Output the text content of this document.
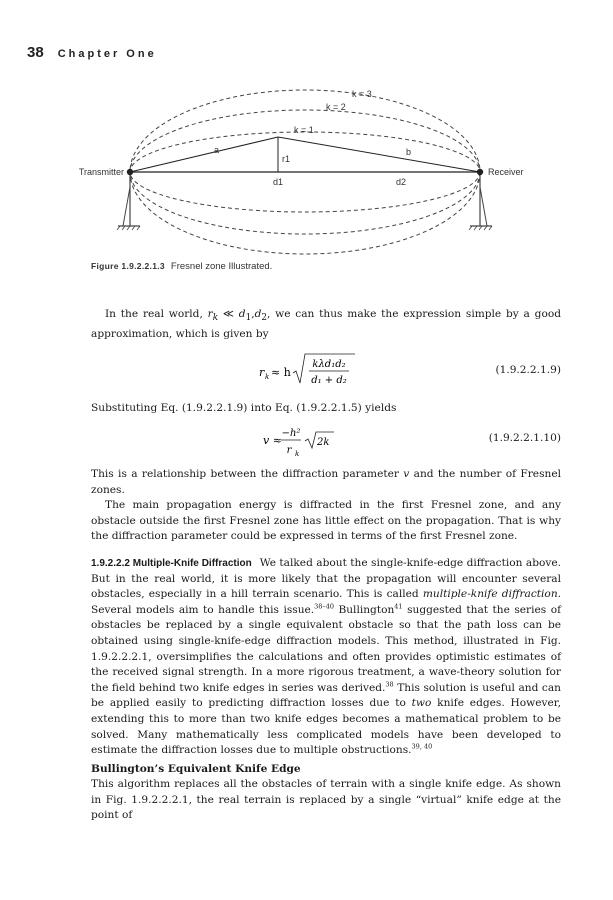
38 Chapter One
k = 3
k = 2
k = 1
a	b
r1
d1	d2
Transmitter	Receiver
Figure 1.9.2.2.1.3 Fresnel zone Illustrated.
In the real world, $r_k$ ≪ $d_1,d_2$, we can thus make the expression simple by a good approximation, which is given by
r k ≈ h
kλd₁d₂
d₁ + d₂
(1.9.2.2.1.9)
Substituting Eq. (1.9.2.2.1.9) into Eq. (1.9.2.2.1.5) yields
v ≈
−h²
r k
2k	(1.9.2.2.1.10)
This is a relationship between the diffraction parameter v and the number of Fresnel zones.
The main propagation energy is diffracted in the first Fresnel zone, and any obstacle outside the first Fresnel zone has little effect on the propagation. That is why the diffraction parameter could be expressed in terms of the first Fresnel zone.
1.9.2.2.2 Multiple-Knife Diffraction We talked about the single-knife-edge diffraction above. But in the real world, it is more likely that the propagation will encounter several obstacles, especially in a hill terrain scenario. This is called multiple-knife diffraction. Several models aim to handle this issue.$^{38-40}$ Bullington$^{41}$ suggested that the series of obstacles be replaced by a single equivalent obstacle so that the path loss can be obtained using single-knife-edge diffraction models. This method, illustrated in Fig. 1.9.2.2.2.1, oversimplifies the calculations and often provides optimistic estimates of the received signal strength. In a more rigorous treatment, a wave-theory solution for the field behind two knife edges in series was derived.$^{38}$ This solution is useful and can be applied easily to predicting diffraction losses due to two knife edges. However, extending this to more than two knife edges becomes a mathematical problem to be solved. Many mathematically less complicated models have been developed to estimate the diffraction losses due to multiple obstructions.$^{39, 40}$
Bullington’s Equivalent Knife Edge
This algorithm replaces all the obstacles of terrain with a single knife edge. As shown in Fig. 1.9.2.2.2.1, the real terrain is replaced by a single “virtual” knife edge at the point of
